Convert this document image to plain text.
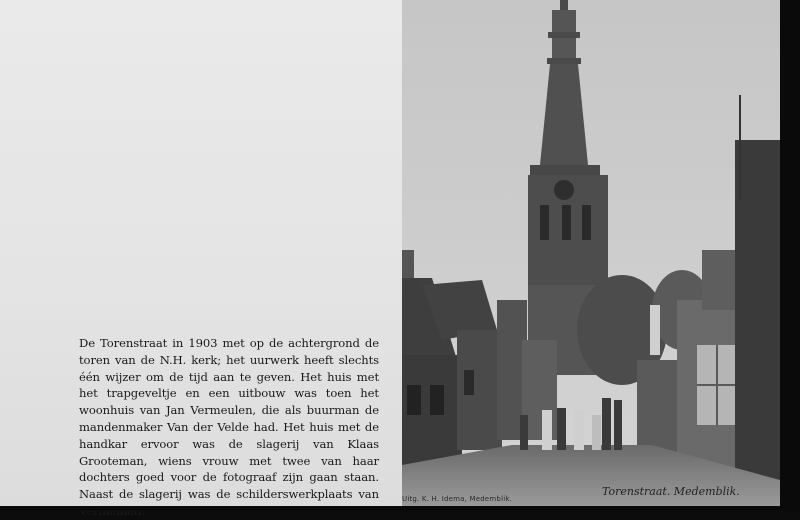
De Torenstraat in 1903 met op de achtergrond de toren van de N.H. kerk; het uurwerk heeft slechts één wijzer om de tijd aan te geven. Het huis met het trapgeveltje en een uitbouw was toen het woonhuis van Jan Vermeulen, die als buurman de mandenmaker Van der Velde had. Het huis met de handkar ervoor was de slagerij van Klaas Grooteman, wiens vrouw met twee van haar dochters goed voor de fotograaf zijn gaan staan. Naast de slagerij was de schilderswerkplaats van	Uitg. K. H. Idema, Medemblik.
Torenstraat. Medemblik.
